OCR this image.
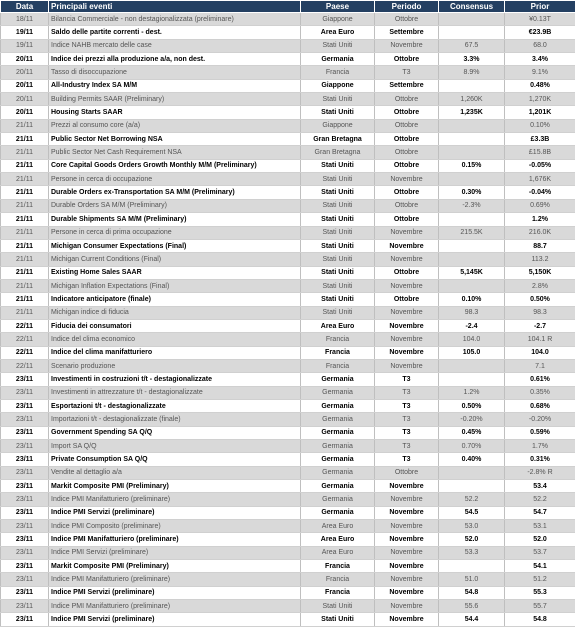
Data	Principali eventi	Paese	Periodo	Consensus	Prior
18/11	Bilancia Commerciale - non destagionalizzata (preliminare)	Giappone	Ottobre		¥0.13T
19/11	Saldo delle partite correnti - dest.	Area Euro	Settembre		€23.9B
19/11	Indice NAHB mercato delle case	Stati Uniti	Novembre	67.5	68.0
20/11	Indice dei prezzi alla produzione a/a, non dest.	Germania	Ottobre	3.3%	3.4%
20/11	Tasso di disoccupazione	Francia	T3	8.9%	9.1%
20/11	All-Industry Index SA M/M	Giappone	Settembre		0.48%
20/11	Building Permits SAAR (Preliminary)	Stati Uniti	Ottobre	1,260K	1,270K
20/11	Housing Starts SAAR	Stati Uniti	Ottobre	1,235K	1,201K
21/11	Prezzi al consumo core (a/a)	Giappone	Ottobre		0.10%
21/11	Public Sector Net Borrowing NSA	Gran Bretagna	Ottobre		£3.3B
21/11	Public Sector Net Cash Requirement NSA	Gran Bretagna	Ottobre		£15.8B
21/11	Core Capital Goods Orders Growth Monthly M/M (Preliminary)	Stati Uniti	Ottobre	0.15%	-0.05%
21/11	Persone in cerca di occupazione	Stati Uniti	Novembre		1,676K
21/11	Durable Orders ex-Transportation SA M/M (Preliminary)	Stati Uniti	Ottobre	0.30%	-0.04%
21/11	Durable Orders SA M/M (Preliminary)	Stati Uniti	Ottobre	-2.3%	0.69%
21/11	Durable Shipments SA M/M (Preliminary)	Stati Uniti	Ottobre		1.2%
21/11	Persone in cerca di prima occupazione	Stati Uniti	Novembre	215.5K	216.0K
21/11	Michigan Consumer Expectations (Final)	Stati Uniti	Novembre		88.7
21/11	Michigan Current Conditions (Final)	Stati Uniti	Novembre		113.2
21/11	Existing Home Sales SAAR	Stati Uniti	Ottobre	5,145K	5,150K
21/11	Michigan Inflation Expectations (Final)	Stati Uniti	Novembre		2.8%
21/11	Indicatore anticipatore (finale)	Stati Uniti	Ottobre	0.10%	0.50%
21/11	Michigan indice di fiducia	Stati Uniti	Novembre	98.3	98.3
22/11	Fiducia dei consumatori	Area Euro	Novembre	-2.4	-2.7
22/11	Indice del clima economico	Francia	Novembre	104.0	104.1 R
22/11	Indice del clima manifatturiero	Francia	Novembre	105.0	104.0
22/11	Scenario produzione	Francia	Novembre		7.1
23/11	Investimenti in costruzioni t/t - destagionalizzate	Germania	T3		0.61%
23/11	Investimenti in attrezzature t/t - destagionalizzate	Germania	T3	1.2%	0.35%
23/11	Esportazioni t/t - destagionalizzate	Germania	T3	0.50%	0.68%
23/11	Importazioni t/t - destagionalizzate (finale)	Germania	T3	-0.20%	-0.20%
23/11	Government Spending SA Q/Q	Germania	T3	0.45%	0.59%
23/11	Import SA Q/Q	Germania	T3	0.70%	1.7%
23/11	Private Consumption SA Q/Q	Germania	T3	0.40%	0.31%
23/11	Vendite al dettaglio a/a	Germania	Ottobre		-2.8% R
23/11	Markit Composite PMI (Preliminary)	Germania	Novembre		53.4
23/11	Indice PMI Manifatturiero (preliminare)	Germania	Novembre	52.2	52.2
23/11	Indice PMI Servizi (preliminare)	Germania	Novembre	54.5	54.7
23/11	Indice PMI Composito (preliminare)	Area Euro	Novembre	53.0	53.1
23/11	Indice PMI Manifatturiero (preliminare)	Area Euro	Novembre	52.0	52.0
23/11	Indice PMI Servizi (preliminare)	Area Euro	Novembre	53.3	53.7
23/11	Markit Composite PMI (Preliminary)	Francia	Novembre		54.1
23/11	Indice PMI Manifatturiero (preliminare)	Francia	Novembre	51.0	51.2
23/11	Indice PMI Servizi (preliminare)	Francia	Novembre	54.8	55.3
23/11	Indice PMI Manifatturiero (preliminare)	Stati Uniti	Novembre	55.6	55.7
23/11	Indice PMI Servizi (preliminare)	Stati Uniti	Novembre	54.4	54.8
